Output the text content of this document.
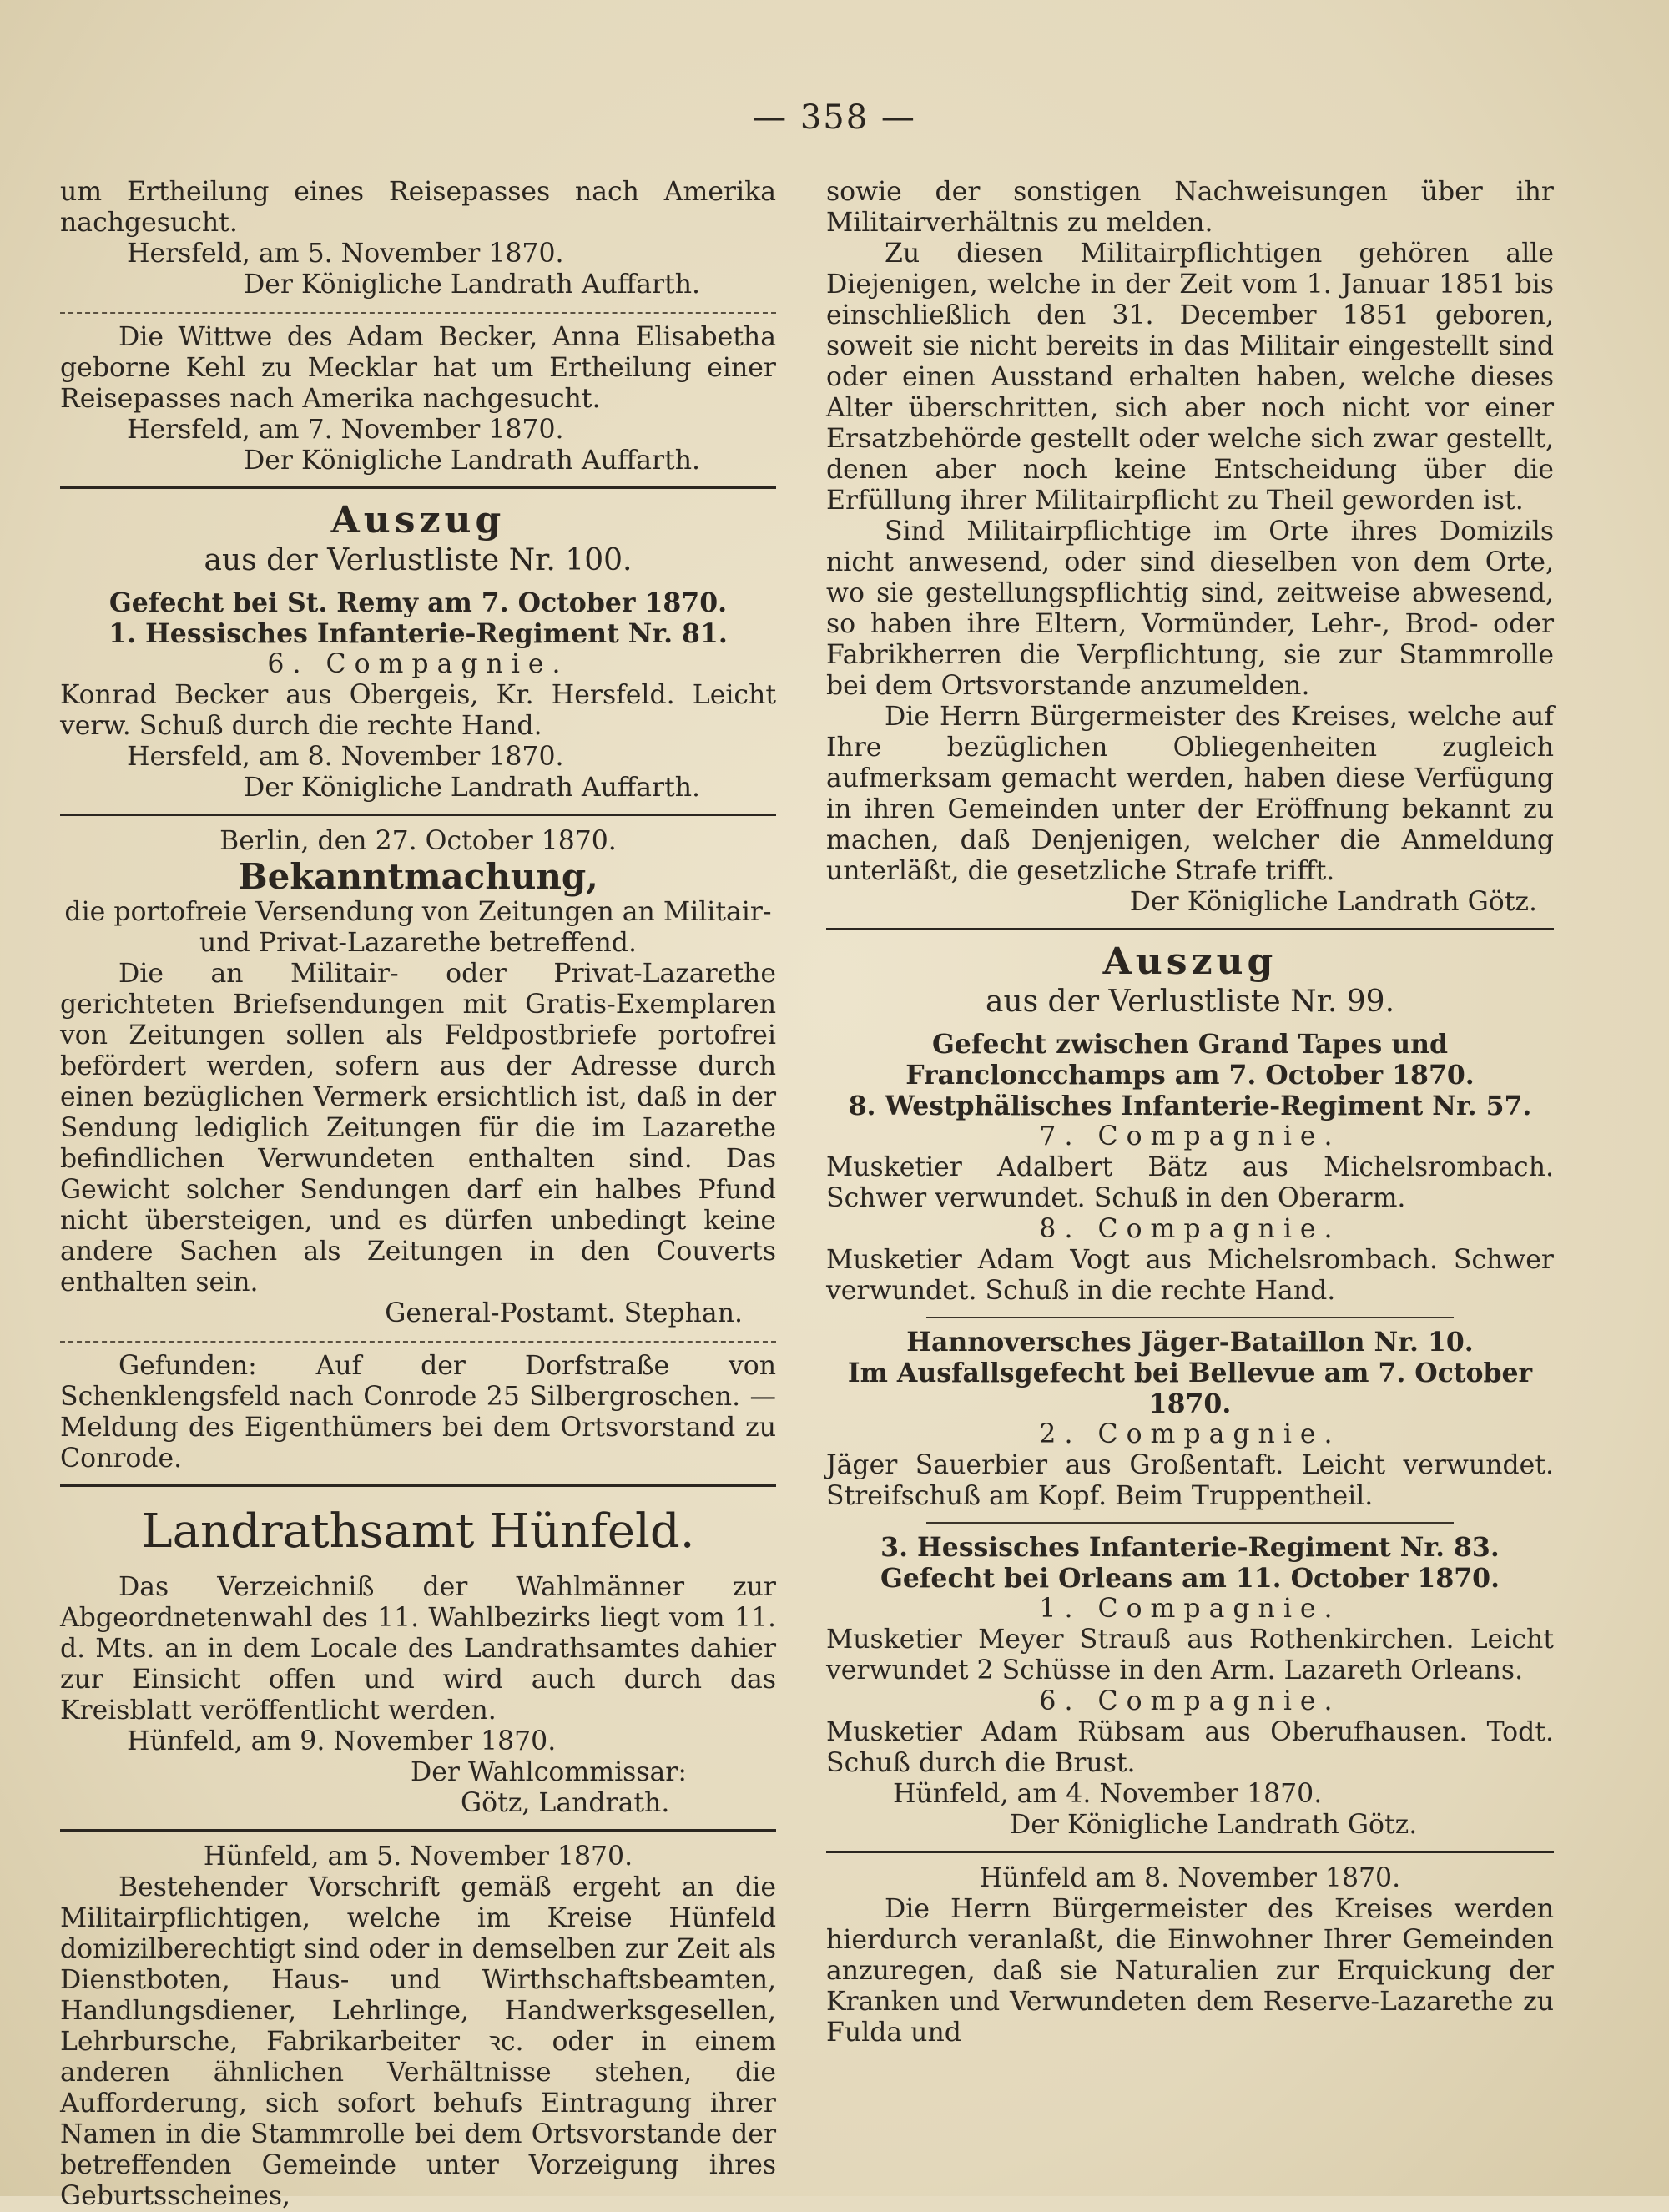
— 358 —

um Ertheilung eines Reisepasses nach Amerika nachgesucht.

Hersfeld, am 5. November 1870.

Der Königliche Landrath Auffarth.

Die Wittwe des Adam Becker, Anna Elisabetha geborne Kehl zu Mecklar hat um Ertheilung einer Reisepasses nach Amerika nachgesucht.

Hersfeld, am 7. November 1870.

Der Königliche Landrath Auffarth.

Auszug

aus der Verlustliste Nr. 100.

Gefecht bei St. Remy am 7. October 1870.

1. Hessisches Infanterie-Regiment Nr. 81.

6. Compagnie.

Konrad Becker aus Obergeis, Kr. Hersfeld. Leicht verw. Schuß durch die rechte Hand.

Hersfeld, am 8. November 1870.

Der Königliche Landrath Auffarth.

Berlin, den 27. October 1870.

Bekanntmachung,

die portofreie Versendung von Zeitungen an Militair- und Privat-Lazarethe betreffend.

Die an Militair- oder Privat-Lazarethe gerichteten Briefsendungen mit Gratis-Exemplaren von Zeitungen sollen als Feldpostbriefe portofrei befördert werden, sofern aus der Adresse durch einen bezüglichen Vermerk ersichtlich ist, daß in der Sendung lediglich Zeitungen für die im Lazarethe befindlichen Verwundeten enthalten sind. Das Gewicht solcher Sendungen darf ein halbes Pfund nicht übersteigen, und es dürfen unbedingt keine andere Sachen als Zeitungen in den Couverts enthalten sein.

General-Postamt. Stephan.

Gefunden: Auf der Dorfstraße von Schenklengsfeld nach Conrode 25 Silbergroschen. — Meldung des Eigenthümers bei dem Ortsvorstand zu Conrode.

Landrathsamt Hünfeld.

Das Verzeichniß der Wahlmänner zur Abgeordnetenwahl des 11. Wahlbezirks liegt vom 11. d. Mts. an in dem Locale des Landrathsamtes dahier zur Einsicht offen und wird auch durch das Kreisblatt veröffentlicht werden.

Hünfeld, am 9. November 1870.

Der Wahlcommissar:

Götz, Landrath.

Hünfeld, am 5. November 1870.

Bestehender Vorschrift gemäß ergeht an die Militairpflichtigen, welche im Kreise Hünfeld domizilberechtigt sind oder in demselben zur Zeit als Dienstboten, Haus- und Wirthschaftsbeamten, Handlungsdiener, Lehrlinge, Handwerksgesellen, Lehrbursche, Fabrikarbeiter ꝛc. oder in einem anderen ähnlichen Verhältnisse stehen, die Aufforderung, sich sofort behufs Eintragung ihrer Namen in die Stammrolle bei dem Ortsvorstande der betreffenden Gemeinde unter Vorzeigung ihres Geburtsscheines,

sowie der sonstigen Nachweisungen über ihr Militairverhältnis zu melden.

Zu diesen Militairpflichtigen gehören alle Diejenigen, welche in der Zeit vom 1. Januar 1851 bis einschließlich den 31. December 1851 geboren, soweit sie nicht bereits in das Militair eingestellt sind oder einen Ausstand erhalten haben, welche dieses Alter überschritten, sich aber noch nicht vor einer Ersatzbehörde gestellt oder welche sich zwar gestellt, denen aber noch keine Entscheidung über die Erfüllung ihrer Militairpflicht zu Theil geworden ist.

Sind Militairpflichtige im Orte ihres Domizils nicht anwesend, oder sind dieselben von dem Orte, wo sie gestellungspflichtig sind, zeitweise abwesend, so haben ihre Eltern, Vormünder, Lehr-, Brod- oder Fabrikherren die Verpflichtung, sie zur Stammrolle bei dem Ortsvorstande anzumelden.

Die Herrn Bürgermeister des Kreises, welche auf Ihre bezüglichen Obliegenheiten zugleich aufmerksam gemacht werden, haben diese Verfügung in ihren Gemeinden unter der Eröffnung bekannt zu machen, daß Denjenigen, welcher die Anmeldung unterläßt, die gesetzliche Strafe trifft.

Der Königliche Landrath Götz.

Auszug

aus der Verlustliste Nr. 99.

Gefecht zwischen Grand Tapes und Francloncchamps am 7. October 1870.

8. Westphälisches Infanterie-Regiment Nr. 57.

7. Compagnie.

Musketier Adalbert Bätz aus Michelsrombach. Schwer verwundet. Schuß in den Oberarm.

8. Compagnie.

Musketier Adam Vogt aus Michelsrombach. Schwer verwundet. Schuß in die rechte Hand.

Hannoversches Jäger-Bataillon Nr. 10.

Im Ausfallsgefecht bei Bellevue am 7. October 1870.

2. Compagnie.

Jäger Sauerbier aus Großentaft. Leicht verwundet. Streifschuß am Kopf. Beim Truppentheil.

3. Hessisches Infanterie-Regiment Nr. 83.

Gefecht bei Orleans am 11. October 1870.

1. Compagnie.

Musketier Meyer Strauß aus Rothenkirchen. Leicht verwundet 2 Schüsse in den Arm. Lazareth Orleans.

6. Compagnie.

Musketier Adam Rübsam aus Oberufhausen. Todt. Schuß durch die Brust.

Hünfeld, am 4. November 1870.

Der Königliche Landrath Götz.

Hünfeld am 8. November 1870.

Die Herrn Bürgermeister des Kreises werden hierdurch veranlaßt, die Einwohner Ihrer Gemeinden anzuregen, daß sie Naturalien zur Erquickung der Kranken und Verwundeten dem Reserve-Lazarethe zu Fulda und
